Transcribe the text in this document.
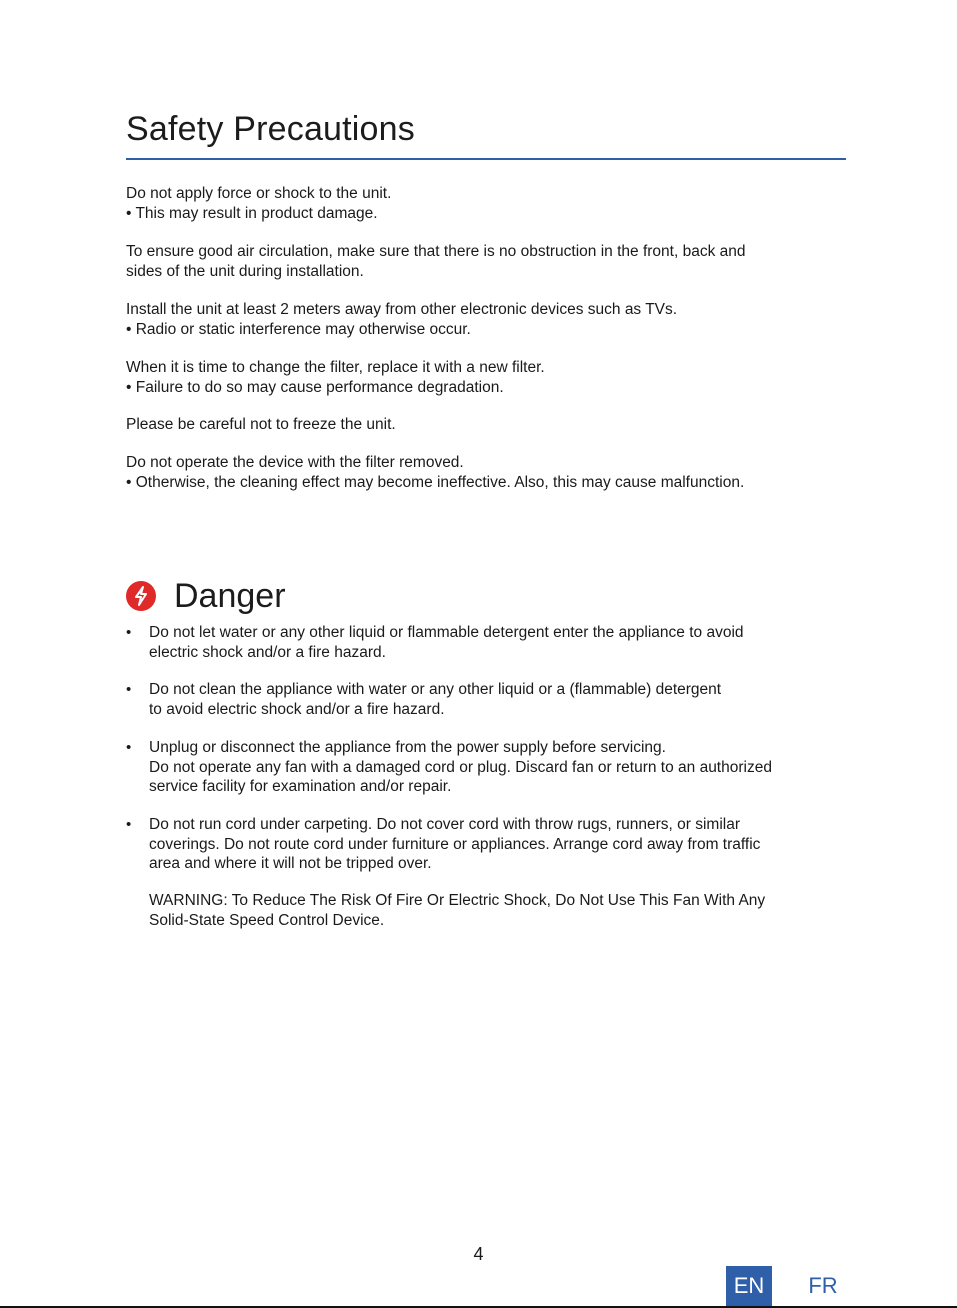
Safety Precautions

Do not apply force or shock to the unit.
• This may result in product damage.

To ensure good air circulation, make sure that there is no obstruction in the front, back and
sides of the unit during installation.

Install the unit at least 2 meters away from other electronic devices such as TVs.
• Radio or static interference may otherwise occur.

When it is time to change the filter, replace it with a new filter.
• Failure to do so may cause performance degradation.

Please be careful not to freeze the unit.

Do not operate the device with the filter removed.
• Otherwise, the cleaning effect may become ineffective. Also, this may cause malfunction.

Danger
•	Do not let water or any other liquid or flammable detergent enter the appliance to avoid
electric shock and/or a fire hazard.
•	Do not clean the appliance with water or any other liquid or a (flammable) detergent
to avoid electric shock and/or a fire hazard.
•	Unplug or disconnect the appliance from the power supply before servicing.
Do not operate any fan with a damaged cord or plug. Discard fan or return to an authorized
service facility for examination and/or repair.
•	Do not run cord under carpeting. Do not cover cord with throw rugs, runners, or similar
coverings. Do not route cord under furniture or appliances. Arrange cord away from traffic
area and where it will not be tripped over.
WARNING: To Reduce The Risk Of Fire Or Electric Shock, Do Not Use This Fan With Any
Solid-State Speed Control Device.
4
EN	FR
